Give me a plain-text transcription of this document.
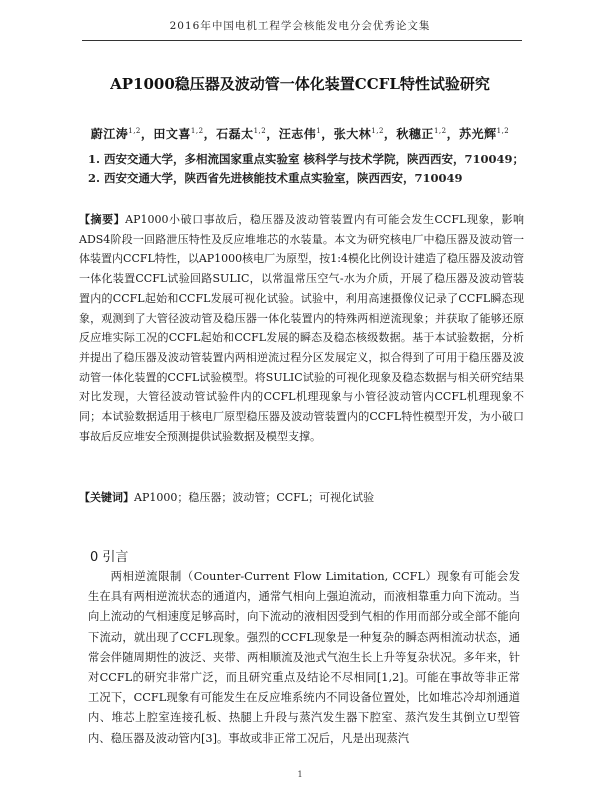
2016年中国电机工程学会核能发电分会优秀论文集
AP1000稳压器及波动管一体化装置CCFL特性试验研究
蔚江涛$^{1,2}$，田文喜$^{1,2}$，石磊太$^{1,2}$，汪志伟$^1$，张大林$^{1,2}$，秋穗正$^{1,2}$，苏光辉$^{1,2}$
1. 西安交通大学，多相流国家重点实验室 核科学与技术学院，陕西西安，710049；
2. 西安交通大学，陕西省先进核能技术重点实验室，陕西西安，710049
【摘要】AP1000小破口事故后，稳压器及波动管装置内有可能会发生CCFL现象，影响ADS4阶段一回路泄压特性及反应堆堆芯的水装量。本文为研究核电厂中稳压器及波动管一体装置内CCFL特性，以AP1000核电厂为原型，按1:4模化比例设计建造了稳压器及波动管一体化装置CCFL试验回路SULIC，以常温常压空气-水为介质，开展了稳压器及波动管装置内的CCFL起始和CCFL发展可视化试验。试验中，利用高速摄像仪记录了CCFL瞬态现象，观测到了大管径波动管及稳压器一体化装置内的特殊两相逆流现象；并获取了能够还原反应堆实际工况的CCFL起始和CCFL发展的瞬态及稳态核级数据。基于本试验数据，分析并提出了稳压器及波动管装置内两相逆流过程分区发展定义，拟合得到了可用于稳压器及波动管一体化装置的CCFL试验模型。将SULIC试验的可视化现象及稳态数据与相关研究结果对比发现，大管径波动管试验件内的CCFL机理现象与小管径波动管内CCFL机理现象不同；本试验数据适用于核电厂原型稳压器及波动管装置内的CCFL特性模型开发，为小破口事故后反应堆安全预测提供试验数据及模型支撑。
【关键词】AP1000；稳压器；波动管；CCFL；可视化试验
0 引言
两相逆流限制（Counter-Current Flow Limitation, CCFL）现象有可能会发生在具有两相逆流状态的通道内，通常气相向上强迫流动，而液相靠重力向下流动。当向上流动的气相速度足够高时，向下流动的液相因受到气相的作用而部分或全部不能向下流动，就出现了CCFL现象。强烈的CCFL现象是一种复杂的瞬态两相流动状态，通常会伴随周期性的波泛、夹带、两相顺流及池式气泡生长上升等复杂状况。多年来，针对CCFL的研究非常广泛，而且研究重点及结论不尽相同[1,2]。可能在事故等非正常工况下，CCFL现象有可能发生在反应堆系统内不同设备位置处，比如堆芯冷却剂通道内、堆芯上腔室连接孔板、热腿上升段与蒸汽发生器下腔室、蒸汽发生其倒立U型管内、稳压器及波动管内[3]。事故或非正常工况后，凡是出现蒸汽
1
